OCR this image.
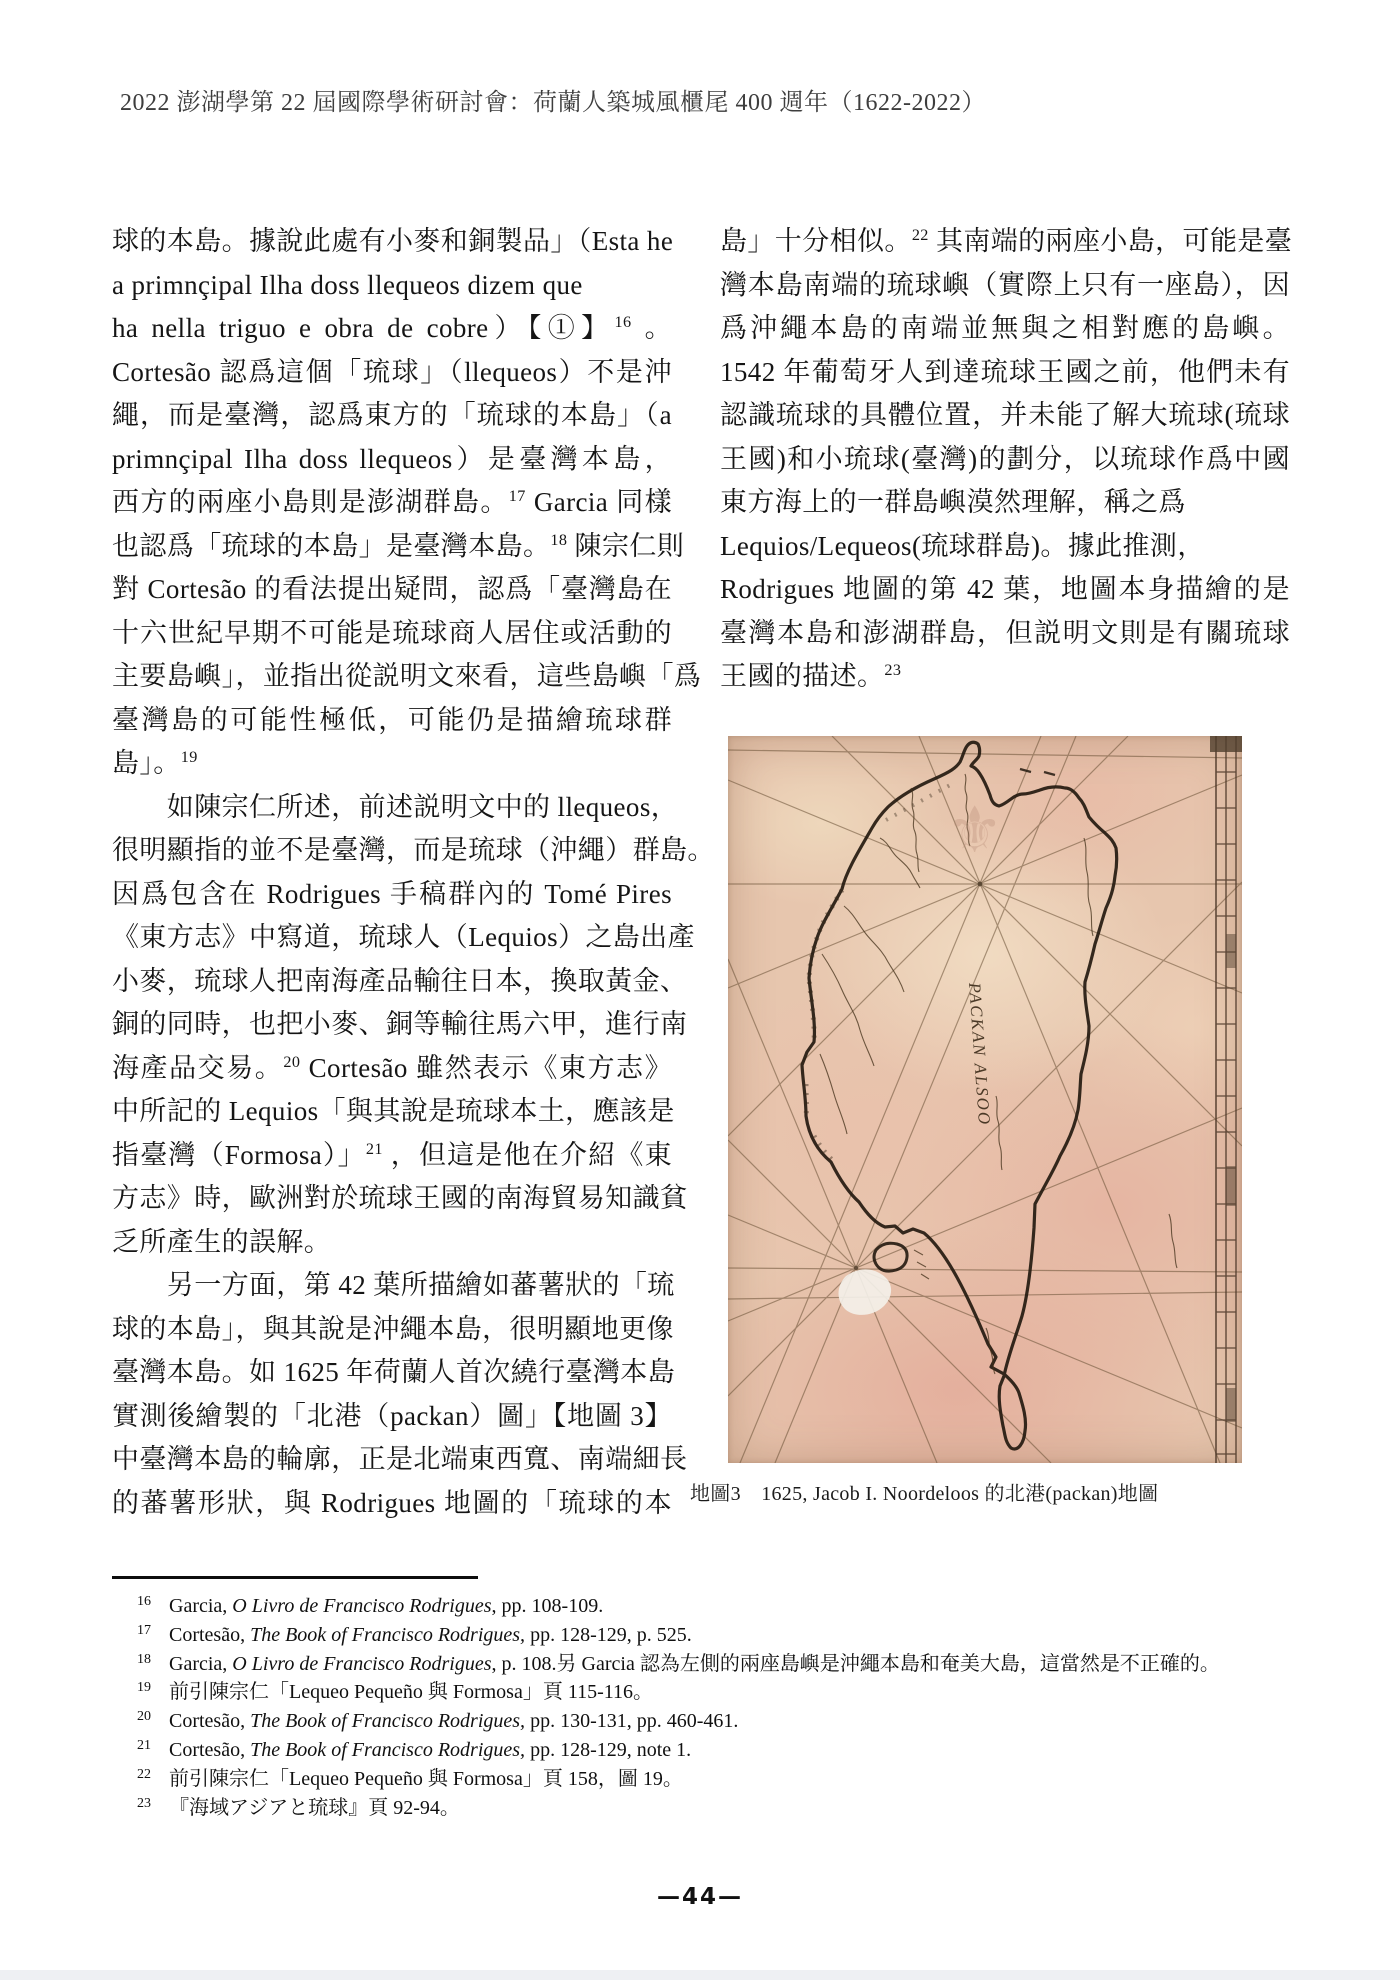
2022 澎湖學第 22 屆國際學術研討會：荷蘭人築城風櫃尾 400 週年（1622-2022）
球的本島。據說此處有小麥和銅製品」（Esta he
a primnçipal Ilha doss llequeos dizem que
ha nella triguo e obra de cobre）【①】$^{16}$ 。
Cortesão 認爲這個「琉球」（llequeos）不是沖
繩，而是臺灣，認爲東方的「琉球的本島」（a
primnçipal Ilha doss llequeos）是臺灣本島，
西方的兩座小島則是澎湖群島。$^{17}$ Garcia 同樣
也認爲「琉球的本島」是臺灣本島。$^{18}$ 陳宗仁則
對 Cortesão 的看法提出疑問，認爲「臺灣島在
十六世紀早期不可能是琉球商人居住或活動的
主要島嶼」，並指出從説明文來看，這些島嶼「爲
臺灣島的可能性極低，可能仍是描繪琉球群
島」。$^{19}$
　　如陳宗仁所述，前述説明文中的 llequeos，
很明顯指的並不是臺灣，而是琉球（沖繩）群島。
因爲包含在 Rodrigues 手稿群內的 Tomé Pires
《東方志》中寫道，琉球人（Lequios）之島出產
小麥，琉球人把南海產品輸往日本，換取黃金、
銅的同時，也把小麥、銅等輸往馬六甲，進行南
海產品交易。$^{20}$ Cortesão 雖然表示《東方志》
中所記的 Lequios「與其說是琉球本土，應該是
指臺灣（Formosa）」$^{21}$ ，但這是他在介紹《東
方志》時，歐洲對於琉球王國的南海貿易知識貧
乏所產生的誤解。
　　另一方面，第 42 葉所描繪如蕃薯狀的「琉
球的本島」，與其說是沖繩本島，很明顯地更像
臺灣本島。如 1625 年荷蘭人首次繞行臺灣本島
實測後繪製的「北港（packan）圖」【地圖 3】
中臺灣本島的輪廓，正是北端東西寬、南端細長
的蕃薯形狀，與 Rodrigues 地圖的「琉球的本
島」十分相似。$^{22}$ 其南端的兩座小島，可能是臺
灣本島南端的琉球嶼（實際上只有一座島），因
爲沖繩本島的南端並無與之相對應的島嶼。
1542 年葡萄牙人到達琉球王國之前，他們未有
認識琉球的具體位置，并未能了解大琉球(琉球
王國)和小琉球(臺灣)的劃分，以琉球作爲中國
東方海上的一群島嶼漠然理解，稱之爲
Lequios/Lequeos(琉球群島)。據此推測，
Rodrigues 地圖的第 42 葉，地圖本身描繪的是
臺灣本島和澎湖群島，但説明文則是有關琉球
王國的描述。$^{23}$
⚜
PACKAN ALSOO
地圖3　1625, Jacob I. Noordeloos 的北港(packan)地圖
16 Garcia, O Livro de Francisco Rodrigues, pp. 108-109.
17 Cortesão, The Book of Francisco Rodrigues, pp. 128-129, p. 525.
18 Garcia, O Livro de Francisco Rodrigues, p. 108.另 Garcia 認為左側的兩座島嶼是沖繩本島和奄美大島，這當然是不正確的。
19 前引陳宗仁「Lequeo Pequeño 與 Formosa」頁 115-116。
20 Cortesão, The Book of Francisco Rodrigues, pp. 130-131, pp. 460-461.
21 Cortesão, The Book of Francisco Rodrigues, pp. 128-129, note 1.
22 前引陳宗仁「Lequeo Pequeño 與 Formosa」頁 158，圖 19。
23 『海域アジアと琉球』頁 92-94。
—44—
